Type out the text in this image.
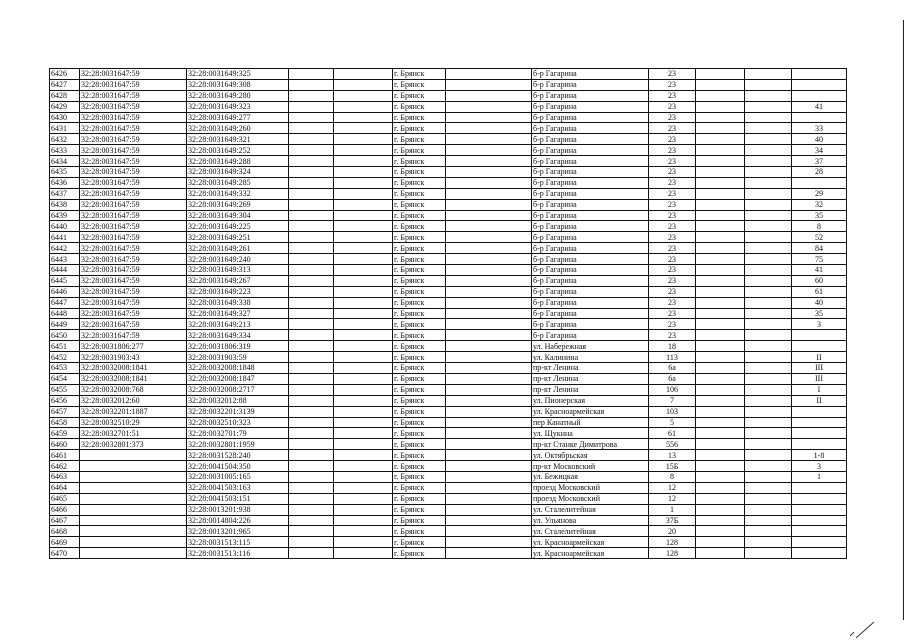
6426	32:28:0031647:59	32:28:0031649:325			г. Брянск		б-р Гагарина	23			
6427	32:28:0031647:59	32:28:0031649:308			г. Брянск		б-р Гагарина	23			
6428	32:28:0031647:59	32:28:0031649:280			г. Брянск		б-р Гагарина	23			
6429	32:28:0031647:59	32:28:0031649:323			г. Брянск		б-р Гагарина	23			41
6430	32:28:0031647:59	32:28:0031649:277			г. Брянск		б-р Гагарина	23			
6431	32:28:0031647:59	32:28:0031649:260			г. Брянск		б-р Гагарина	23			33
6432	32:28:0031647:59	32:28:0031649:321			г. Брянск		б-р Гагарина	23			40
6433	32:28:0031647:59	32:28:0031649:252			г. Брянск		б-р Гагарина	23			34
6434	32:28:0031647:59	32:28:0031649:288			г. Брянск		б-р Гагарина	23			37
6435	32:28:0031647:59	32:28:0031649:324			г. Брянск		б-р Гагарина	23			28
6436	32:28:0031647:59	32:28:0031649:285			г. Брянск		б-р Гагарина	23			
6437	32:28:0031647:59	32:28:0031649:332			г. Брянск		б-р Гагарина	23			29
6438	32:28:0031647:59	32:28:0031649:269			г. Брянск		б-р Гагарина	23			32
6439	32:28:0031647:59	32:28:0031649:304			г. Брянск		б-р Гагарина	23			35
6440	32:28:0031647:59	32:28:0031649:225			г. Брянск		б-р Гагарина	23			8
6441	32:28:0031647:59	32:28:0031649:251			г. Брянск		б-р Гагарина	23			52
6442	32:28:0031647:59	32:28:0031649:261			г. Брянск		б-р Гагарина	23			84
6443	32:28:0031647:59	32:28:0031649:240			г. Брянск		б-р Гагарина	23			75
6444	32:28:0031647:59	32:28:0031649:313			г. Брянск		б-р Гагарина	23			41
6445	32:28:0031647:59	32:28:0031649:267			г. Брянск		б-р Гагарина	23			60
6446	32:28:0031647:59	32:28:0031649:223			г. Брянск		б-р Гагарина	23			61
6447	32:28:0031647:59	32:28:0031649:338			г. Брянск		б-р Гагарина	23			40
6448	32:28:0031647:59	32:28:0031649:327			г. Брянск		б-р Гагарина	23			35
6449	32:28:0031647:59	32:28:0031649:213			г. Брянск		б-р Гагарина	23			3
6450	32:28:0031647:59	32:28:0031649:334			г. Брянск		б-р Гагарина	23			
6451	32:28:0031806:277	32:28:0031806:319			г. Брянск		ул. Набережная	18			
6452	32:28:0031903:43	32:28:0031903:59			г. Брянск		ул. Калинина	113			II
6453	32:28:0032008:1841	32:28:0032008:1848			г. Брянск		пр-кт Ленина	6а			III
6454	32:28:0032008:1841	32:28:0032008:1847			г. Брянск		пр-кт Ленина	6а			III
6455	32:28:0032008:768	32:28:0032008:2717			г. Брянск		пр-кт Ленина	106			I
6456	32:28:0032012:60	32:28:0032012:88			г. Брянск		ул. Пионерская	7			II
6457	32:28:0032201:1887	32:28:0032201:3139			г. Брянск		ул. Красноармейская	103			
6458	32:28:0032510:29	32:28:0032510:323			г. Брянск		пер Канатный	5			
6459	32:28:0032701:51	32:28:0032701:79			г. Брянск		ул. Щукина	61			
6460	32:28:0032801:373	32:28:0032801:1959			г. Брянск		пр-кт Станке Димитрова	556			
6461		32:28:0031528:240			г. Брянск		ул. Октябрьская	13			1-8
6462		32:28:0041504:350			г. Брянск		пр-кт Московский	15Б			3
6463		32:28:0031005:165			г. Брянск		ул. Бежицкая	8			1
6464		32:28:0041503:163			г. Брянск		проезд Московский	12			
6465		32:28:0041503:151			г. Брянск		проезд Московский	12			
6466		32:28:0013201:938			г. Брянск		ул. Сталелитейная	1			
6467		32:28:0014804:226			г. Брянск		ул. Ульянова	37Б			
6468		32:28:0013201:965			г. Брянск		ул. Сталелитейная	20			
6469		32:28:0031513:115			г. Брянск		ул. Красноармейская	128			
6470		32:28:0031513:116			г. Брянск		ул. Красноармейская	128			
